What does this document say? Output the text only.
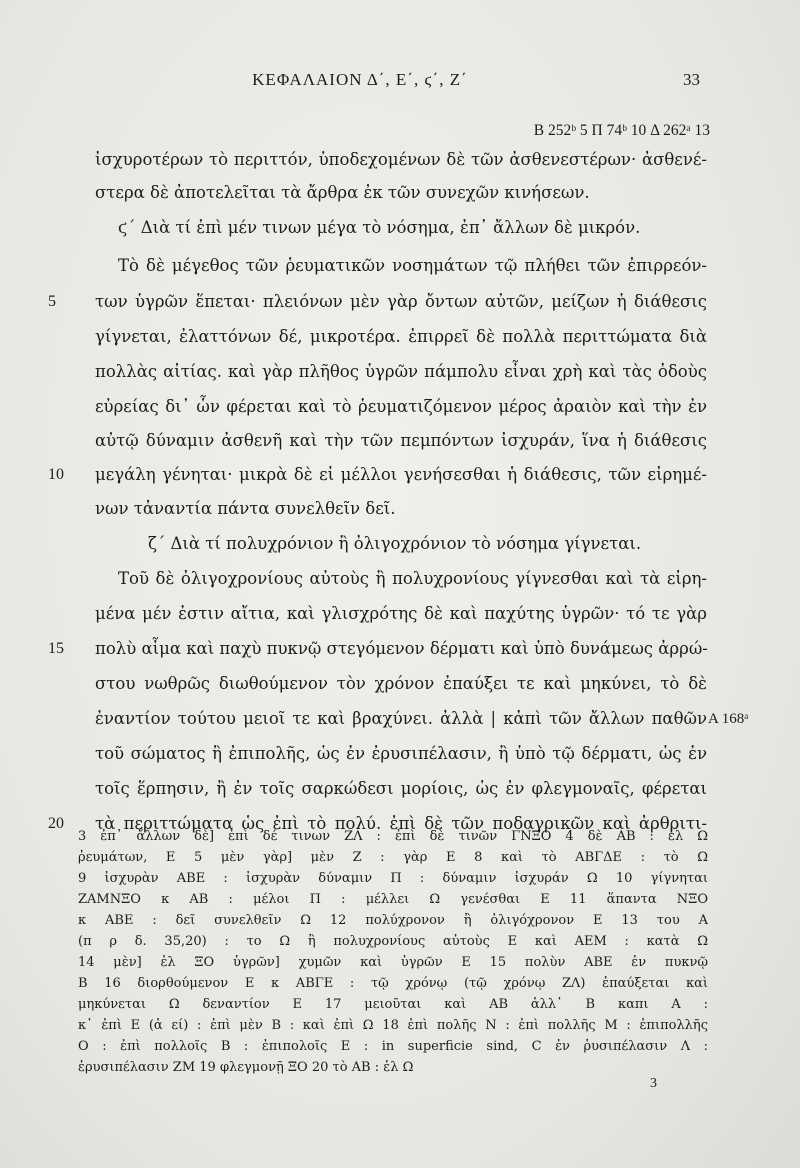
ΚΕΦΑΛΑΙΟΝ Δ΄, Ε΄, ϛ΄, Ζ΄	33
B 252ᵇ 5 Π 74ᵇ 10 Δ 262ᵃ 13
ἰσχυροτέρων τὸ περιττόν, ὑποδεχομένων δὲ τῶν ἀσθενεστέρων· ἀσθενέ-
στερα δὲ ἀποτελεῖται τὰ ἄρθρα ἐκ τῶν συνεχῶν κινήσεων.
ϛ΄ Διὰ τί ἐπὶ μέν τινων μέγα τὸ νόσημα, ἐπ᾿ ἄλλων δὲ μικρόν.
Τὸ δὲ μέγεθος τῶν ῥευματικῶν νοσημάτων τῷ πλήθει τῶν ἐπιρρεόν-
των ὑγρῶν ἕπεται· πλειόνων μὲν γὰρ ὄντων αὐτῶν, μείζων ἡ διάθεσις
γίγνεται, ἐλαττόνων δέ, μικροτέρα. ἐπιρρεῖ δὲ πολλὰ περιττώματα διὰ
πολλὰς αἰτίας. καὶ γὰρ πλῆθος ὑγρῶν πάμπολυ εἶναι χρὴ καὶ τὰς ὁδοὺς
εὐρείας δι᾿ ὧν φέρεται καὶ τὸ ῥευματιζόμενον μέρος ἀραιὸν καὶ τὴν ἐν
αὐτῷ δύναμιν ἀσθενῆ καὶ τὴν τῶν πεμπόντων ἰσχυράν, ἵνα ἡ διάθεσις
μεγάλη γένηται· μικρὰ δὲ εἰ μέλλοι γενήσεσθαι ἡ διάθεσις, τῶν εἰρημέ-
νων τἀναντία πάντα συνελθεῖν δεῖ.
ζ΄ Διὰ τί πολυχρόνιον ἢ ὀλιγοχρόνιον τὸ νόσημα γίγνεται.
Τοῦ δὲ ὀλιγοχρονίους αὐτοὺς ἢ πολυχρονίους γίγνεσθαι καὶ τὰ εἰρη-
μένα μέν ἐστιν αἴτια, καὶ γλισχρότης δὲ καὶ παχύτης ὑγρῶν· τό τε γὰρ
πολὺ αἷμα καὶ παχὺ πυκνῷ στεγόμενον δέρματι καὶ ὑπὸ δυνάμεως ἀρρώ-
στου νωθρῶς διωθούμενον τὸν χρόνον ἐπαύξει τε καὶ μηκύνει, τὸ δὲ
ἐναντίον τούτου μειοῖ τε καὶ βραχύνει. ἀλλὰ | κἀπὶ τῶν ἄλλων παθῶν
τοῦ σώματος ἢ ἐπιπολῆς, ὡς ἐν ἐρυσιπέλασιν, ἢ ὑπὸ τῷ δέρματι, ὡς ἐν
τοῖς ἕρπησιν, ἢ ἐν τοῖς σαρκώδεσι μορίοις, ὡς ἐν φλεγμοναῖς, φέρεται
τὰ περιττώματα ὡς ἐπὶ τὸ πολύ. ἐπὶ δὲ τῶν ποδαγρικῶν καὶ ἀρθριτι-
5
10
15
20
A 168ᵃ
3 ἐπ᾿ ἄλλων δὲ] ἐπὶ δέ τινων ΖΛ : ἐπὶ δὲ τινῶν ΓΝΞΟ 4 δὲ ΑΒ : ἐλ Ω
ῥευμάτων, Ε 5 μὲν γὰρ] μὲν Ζ : γὰρ Ε 8 καὶ τὸ ΑΒΓΔΕ : τὸ Ω
9 ἰσχυρὰν ΑΒΕ : ἰσχυρὰν δύναμιν Π : δύναμιν ἰσχυράν Ω 10 γίγνηται
ΖΑΜΝΞΟ κ ΑΒ : μέλοι Π : μέλλει Ω γενέσθαι Ε 11 ἅπαντα ΝΞΟ
κ ΑΒΕ : δεῖ συνελθεῖν Ω 12 πολύχρονον ἢ ὀλιγόχρονον Ε 13 του Α
(π ρ δ. 35,20) : το Ω ἢ πολυχρονίους αὐτοὺς Ε καὶ ΑΕΜ : κατὰ Ω
14 μὲν] ἐλ ΞΟ ὑγρῶν] χυμῶν καὶ ὑγρῶν Ε 15 πολὺν ΑΒΕ ἐν πυκνῷ
Β 16 διορθούμενον Ε κ ΑΒΓΕ : τῷ χρόνῳ (τῷ χρόνῳ ΖΛ) ἐπαύξεται καὶ
μηκύνεται Ω δεναντίον Ε 17 μειοῦται καὶ ΑΒ ἀλλ᾿ Β καπι Α :
κ᾿ ἐπὶ Ε (ἀ εί) : ἐπὶ μὲν Β : καὶ ἐπὶ Ω 18 ἐπὶ πολῆς Ν : ἐπὶ πολλῆς Μ : ἐπιπολλῆς
Ο : ἐπὶ πολλοῖς Β : ἐπιπολοῖς Ε : in superficie sind, C ἐν ῥυσιπέλασιν Λ :
ἐρυσιπέλασιν ΖΜ 19 φλεγμονῇ ΞΟ 20 τὸ ΑΒ : ἐλ Ω
3
